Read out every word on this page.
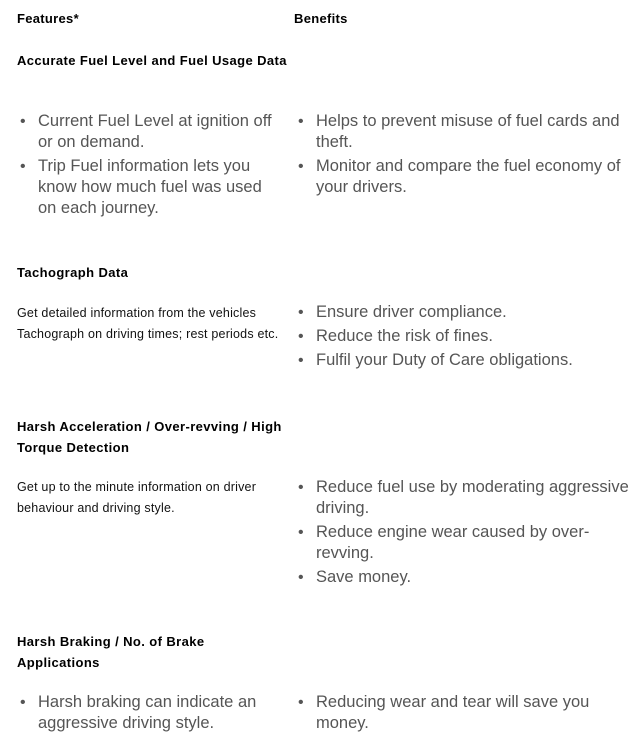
Features*	Benefits
Accurate Fuel Level and Fuel Usage Data
• Current Fuel Level at ignition off or on demand.
• Trip Fuel information lets you know how much fuel was used on each journey.
• Helps to prevent misuse of fuel cards and theft.
• Monitor and compare the fuel economy of your drivers.
Tachograph Data
Get detailed information from the vehicles Tachograph on driving times; rest periods etc.
• Ensure driver compliance.
• Reduce the risk of fines.
• Fulfil your Duty of Care obligations.
Harsh Acceleration / Over-revving / High Torque Detection
Get up to the minute information on driver behaviour and driving style.
• Reduce fuel use by moderating aggressive driving.
• Reduce engine wear caused by over-revving.
• Save money.
Harsh Braking / No. of Brake Applications
• Harsh braking can indicate an aggressive driving style.
• Reducing wear and tear will save you money.
